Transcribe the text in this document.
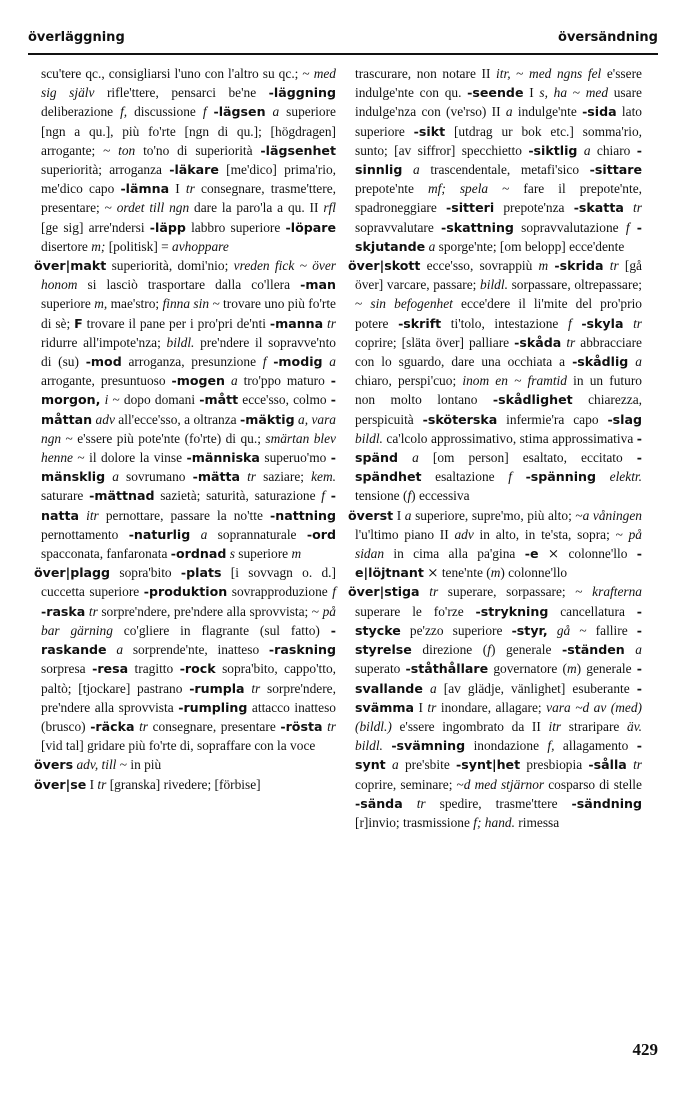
överläggning	översändning

scu'tere qc., consigliarsi l'uno con l'altro su qc.; ~ med sig själv rifle'ttere, pensarci be'ne -läggning deliberazione f, discussione f -lägsen a superiore [ngn a qu.], più fo'rte [ngn di qu.]; [högdragen] arrogante; ~ ton to'no di superiorità -lägsenhet superiorità; arroganza -läkare [me'dico] prima'rio, me'dico capo -lämna I tr consegnare, trasme'ttere, presentare; ~ ordet till ngn dare la paro'la a qu. II rfl [ge sig] arre'ndersi -läpp labbro superiore -löpare disertore m; [politisk] = avhoppare

över|makt superiorità, domi'nio; vreden fick ~ över honom si lasciò trasportare dalla co'llera -man superiore m, mae'stro; finna sin ~ trovare uno più fo'rte di sè; F trovare il pane per i pro'pri de'nti -manna tr ridurre all'impote'nza; bildl. pre'ndere il sopravve'nto di (su) -mod arroganza, presunzione f -modig a arrogante, presuntuoso -mogen a tro'ppo maturo -morgon, i ~ dopo domani -mått ecce'sso, colmo -måttan adv all'ecce'sso, a oltranza -mäktig a, vara ngn ~ e'ssere più pote'nte (fo'rte) di qu.; smärtan blev henne ~ il dolore la vinse -människa superuo'mo -mänsklig a sovrumano -mätta tr saziare; kem. saturare -mättnad sazietà; saturità, saturazione f -natta itr pernottare, passare la no'tte -nattning pernottamento -naturlig a soprannaturale -ord spacconata, fanfaronata -ordnad s superiore m

över|plagg sopra'bito -plats [i sovvagn o. d.] cuccetta superiore -produktion sovrapproduzione f -raska tr sorpre'ndere, pre'ndere alla sprovvista; ~ på bar gärning co'gliere in flagrante (sul fatto) -raskande a sorprende'nte, inatteso -raskning sorpresa -resa tragitto -rock sopra'bito, cappo'tto, paltò; [tjockare] pastrano -rumpla tr sorpre'ndere, pre'ndere alla sprovvista -rumpling attacco inatteso (brusco) -räcka tr consegnare, presentare -rösta tr [vid tal] gridare più fo'rte di, sopraffare con la voce

övers adv, till ~ in più

över|se I tr [granska] rivedere; [förbise]

trascurare, non notare II itr, ~ med ngns fel e'ssere indulge'nte con qu. -seende I s, ha ~ med usare indulge'nza con (ve'rso) II a indulge'nte -sida lato superiore -sikt [utdrag ur bok etc.] somma'rio, sunto; [av siffror] specchietto -siktlig a chiaro -sinnlig a trascendentale, metafi'sico -sittare prepote'nte mf; spela ~ fare il prepote'nte, spadroneggiare -sitteri prepote'nza -skatta tr sopravvalutare -skattning sopravvalutazione f -skjutande a sporge'nte; [om belopp] ecce'dente

över|skott ecce'sso, sovrappiù m -skrida tr [gå över] varcare, passare; bildl. sorpassare, oltrepassare; ~ sin befogenhet ecce'dere il li'mite del pro'prio potere -skrift ti'tolo, intestazione f -skyla tr coprire; [släta över] palliare -skåda tr abbracciare con lo sguardo, dare una occhiata a -skådlig a chiaro, perspi'cuo; inom en ~ framtid in un futuro non molto lontano -skådlighet chiarezza, perspicuità -sköterska infermie'ra capo -slag bildl. ca'lcolo approssimativo, stima approssimativa -spänd a [om person] esaltato, eccitato -spändhet esaltazione f -spänning elektr. tensione (f) eccessiva

överst I a superiore, supre'mo, più alto; ~a våningen l'u'ltimo piano II adv in alto, in te'sta, sopra; ~ på sidan in cima alla pa'gina -e ⨯ colonne'llo -e|löjtnant ⨯ tene'nte (m) colonne'llo

över|stiga tr superare, sorpassare; ~ krafterna superare le fo'rze -strykning cancellatura -stycke pe'zzo superiore -styr, gå ~ fallire -styrelse direzione (f) generale -ständen a superato -ståthållare governatore (m) generale -svallande a [av glädje, vänlighet] esuberante -svämma I tr inondare, allagare; vara ~d av (med) (bildl.) e'ssere ingombrato da II itr straripare äv. bildl. -svämning inondazione f, allagamento -synt a pre'sbite -synt|het presbiopia -sålla tr coprire, seminare; ~d med stjärnor cosparso di stelle -sända tr spedire, trasme'ttere -sändning [r]invio; trasmissione f; hand. rimessa

429
